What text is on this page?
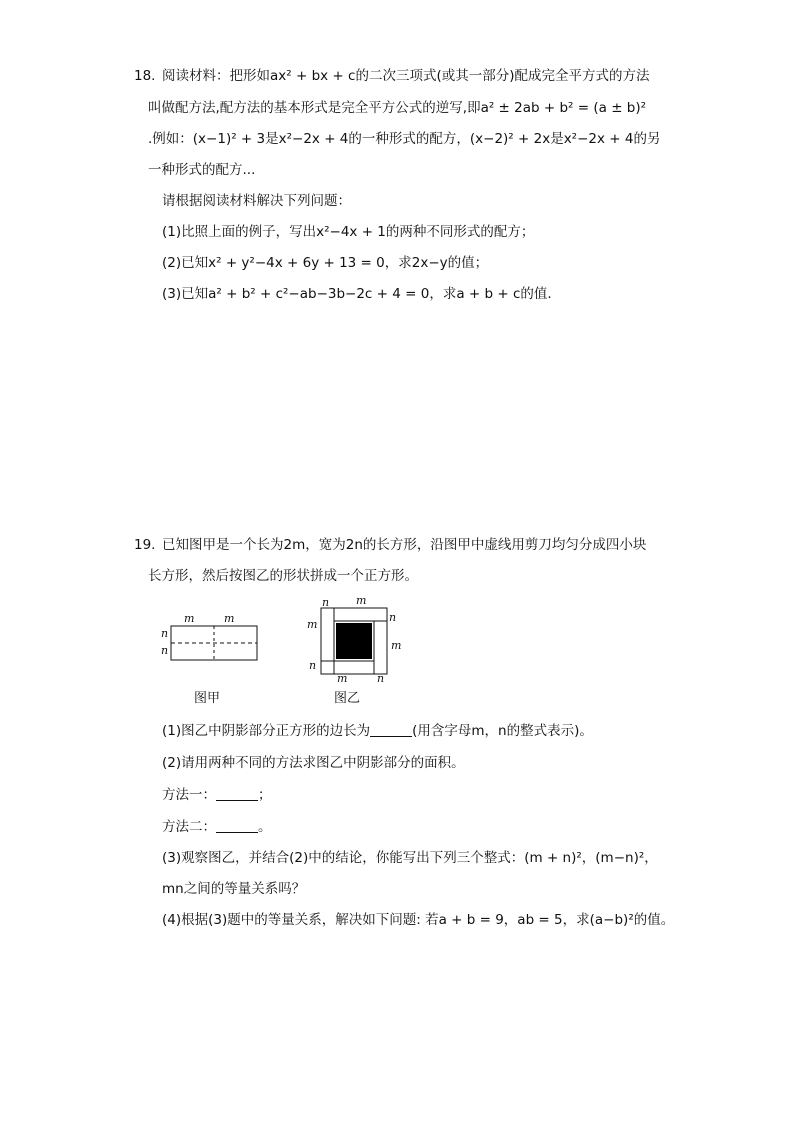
18. 阅读材料：把形如ax² + bx + c的二次三项式(或其一部分)配成完全平方式的方法
叫做配方法,配方法的基本形式是完全平方公式的逆写,即a² ± 2ab + b² = (a ± b)²
.例如：(x−1)² + 3是x²−2x + 4的一种形式的配方，(x−2)² + 2x是x²−2x + 4的另
一种形式的配方...
请根据阅读材料解决下列问题：
(1)比照上面的例子，写出x²−4x + 1的两种不同形式的配方；
(2)已知x² + y²−4x + 6y + 13 = 0，求2x−y的值；
(3)已知a² + b² + c²−ab−3b−2c + 4 = 0，求a + b + c的值.
19. 已知图甲是一个长为2m，宽为2n的长方形，沿图甲中虚线用剪刀均匀分成四小块
长方形，然后按图乙的形状拼成一个正方形。
m	m
n
n
图甲
n m
n
m
m
n
m	n
图乙
(1)图乙中阴影部分正方形的边长为	(用含字母m，n的整式表示)。
(2)请用两种不同的方法求图乙中阴影部分的面积。
方法一：	；
方法二：	。
(3)观察图乙，并结合(2)中的结论，你能写出下列三个整式：(m + n)²，(m−n)²，
mn之间的等量关系吗？
(4)根据(3)题中的等量关系，解决如下问题: 若a + b = 9，ab = 5，求(a−b)²的值。
